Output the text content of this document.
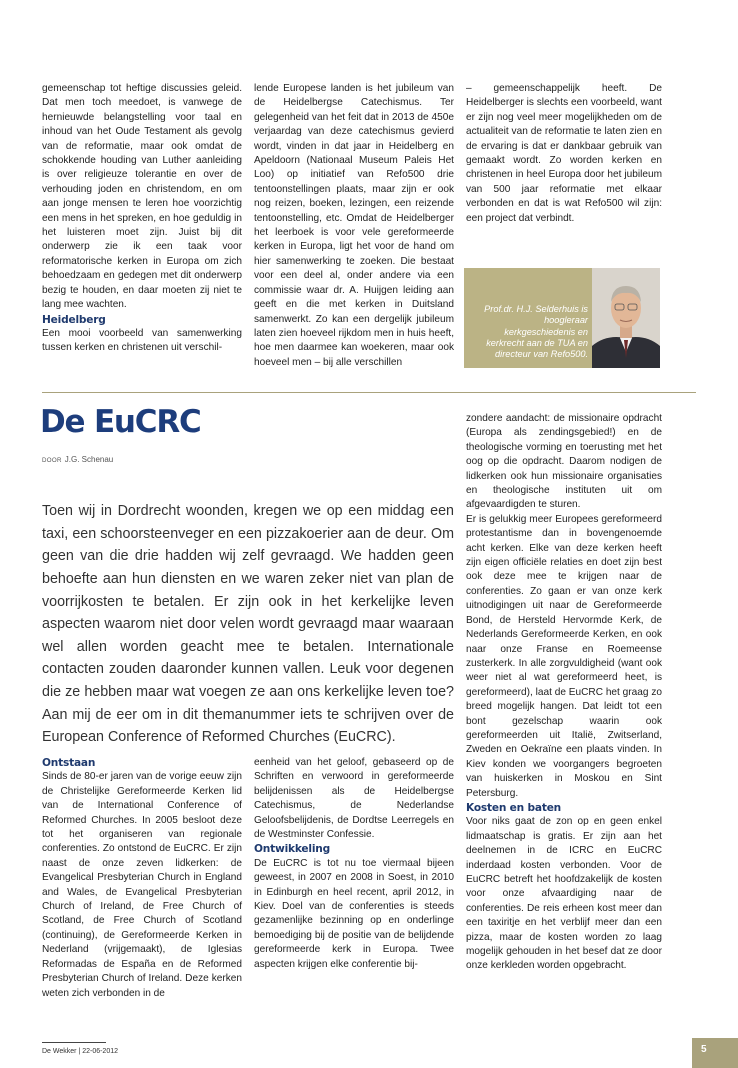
gemeenschap tot heftige discussies geleid. Dat men toch meedoet, is vanwege de hernieuwde belangstelling voor taal en inhoud van het Oude Testament als gevolg van de reformatie, maar ook omdat de schokkende houding van Luther aanleiding is over religieuze tolerantie en over de verhouding joden en christendom, en om aan jonge mensen te leren hoe voorzichtig een mens in het spreken, en hoe geduldig in het luisteren moet zijn. Juist bij dit onderwerp zie ik een taak voor reformatorische kerken in Europa om zich behoedzaam en gedegen met dit onderwerp bezig te houden, en daar moeten zij niet te lang mee wachten.

Heidelberg

Een mooi voorbeeld van samenwerking tussen kerken en christenen uit verschil-

lende Europese landen is het jubileum van de Heidelbergse Catechismus. Ter gelegenheid van het feit dat in 2013 de 450e verjaardag van deze catechismus gevierd wordt, vinden in dat jaar in Heidelberg en Apeldoorn (Nationaal Museum Paleis Het Loo) op initiatief van Refo500 drie tentoonstellingen plaats, maar zijn er ook nog reizen, boeken, lezingen, een reizende tentoonstelling, etc. Omdat de Heidelberger het leerboek is voor vele gereformeerde kerken in Europa, ligt het voor de hand om hier samenwerking te zoeken. Die bestaat voor een deel al, onder andere via een commissie waar dr. A. Huijgen leiding aan geeft en die met kerken in Duitsland samenwerkt. Zo kan een dergelijk jubileum laten zien hoeveel rijkdom men in huis heeft, hoe men daarmee kan woekeren, maar ook hoeveel men – bij alle verschillen

– gemeenschappelijk heeft. De Heidelberger is slechts een voorbeeld, want er zijn nog veel meer mogelijkheden om de actualiteit van de reformatie te laten zien en de ervaring is dat er dankbaar gebruik van gemaakt wordt. Zo worden kerken en christenen in heel Europa door het jubileum van 500 jaar reformatie met elkaar verbonden en dat is wat Refo500 wil zijn: een project dat verbindt.

Prof.dr. H.J. Selderhuis is hoogleraar kerkgeschiedenis en kerkrecht aan de TUA en directeur van Refo500.
De EuCRC
DOOR J.G. Schenau

Toen wij in Dordrecht woonden, kregen we op een middag een taxi, een schoorsteenveger en een pizzakoerier aan de deur. Om geen van die drie hadden wij zelf gevraagd. We hadden geen behoefte aan hun diensten en we waren zeker niet van plan de voorrijkosten te betalen. Er zijn ook in het kerkelijke leven aspecten waarom niet door velen wordt gevraagd maar waaraan wel allen worden geacht mee te betalen. Internationale contacten zouden daaronder kunnen vallen. Leuk voor degenen die ze hebben maar wat voegen ze aan ons kerkelijke leven toe? Aan mij de eer om in dit themanummer iets te schrijven over de European Conference of Reformed Churches (EuCRC).

Ontstaan

Sinds de 80-er jaren van de vorige eeuw zijn de Christelijke Gereformeerde Kerken lid van de International Conference of Reformed Churches. In 2005 besloot deze tot het organiseren van regionale conferenties. Zo ontstond de EuCRC. Er zijn naast de onze zeven lidkerken: de Evangelical Presbyterian Church in England and Wales, de Evangelical Presbyterian Church of Ireland, de Free Church of Scotland, de Free Church of Scotland (continuing), de Gereformeerde Kerken in Nederland (vrijgemaakt), de Iglesias Reformadas de España en de Reformed Presbyterian Church of Ireland. Deze kerken weten zich verbonden in de

eenheid van het geloof, gebaseerd op de Schriften en verwoord in gereformeerde belijdenissen als de Heidelbergse Catechismus, de Nederlandse Geloofsbelijdenis, de Dordtse Leerregels en de Westminster Confessie.

Ontwikkeling

De EuCRC is tot nu toe viermaal bijeen geweest, in 2007 en 2008 in Soest, in 2010 in Edinburgh en heel recent, april 2012, in Kiev. Doel van de conferenties is steeds gezamenlijke bezinning op en onderlinge bemoediging bij de positie van de belijdende gereformeerde kerk in Europa. Twee aspecten krijgen elke conferentie bij-

zondere aandacht: de missionaire opdracht (Europa als zendingsgebied!) en de theologische vorming en toerusting met het oog op die opdracht. Daarom nodigen de lidkerken ook hun missionaire organisaties en theologische instituten uit om afgevaardigden te sturen.

Er is gelukkig meer Europees gereformeerd protestantisme dan in bovengenoemde acht kerken. Elke van deze kerken heeft zijn eigen officiële relaties en doet zijn best ook deze mee te krijgen naar de conferenties. Zo gaan er van onze kerk uitnodigingen uit naar de Gereformeerde Bond, de Hersteld Hervormde Kerk, de Nederlands Gereformeerde Kerken, en ook naar onze Franse en Roemeense zusterkerk. In alle zorgvuldigheid (want ook weer niet al wat gereformeerd heet, is gereformeerd), laat de EuCRC het graag zo breed mogelijk hangen. Dat leidt tot een bont gezelschap waarin ook gereformeerden uit Italië, Zwitserland, Zweden en Oekraïne een plaats vinden. In Kiev konden we voorgangers begroeten van huiskerken in Moskou en Sint Petersburg.

Kosten en baten

Voor niks gaat de zon op en geen enkel lidmaatschap is gratis. Er zijn aan het deelnemen in de ICRC en EuCRC inderdaad kosten verbonden. Voor de EuCRC betreft het hoofdzakelijk de kosten voor onze afvaardiging naar de conferenties. De reis erheen kost meer dan een taxiritje en het verblijf meer dan een pizza, maar de kosten worden zo laag mogelijk gehouden in het besef dat ze door onze kerkleden worden opgebracht.

De Wekker | 22-06-2012	5
